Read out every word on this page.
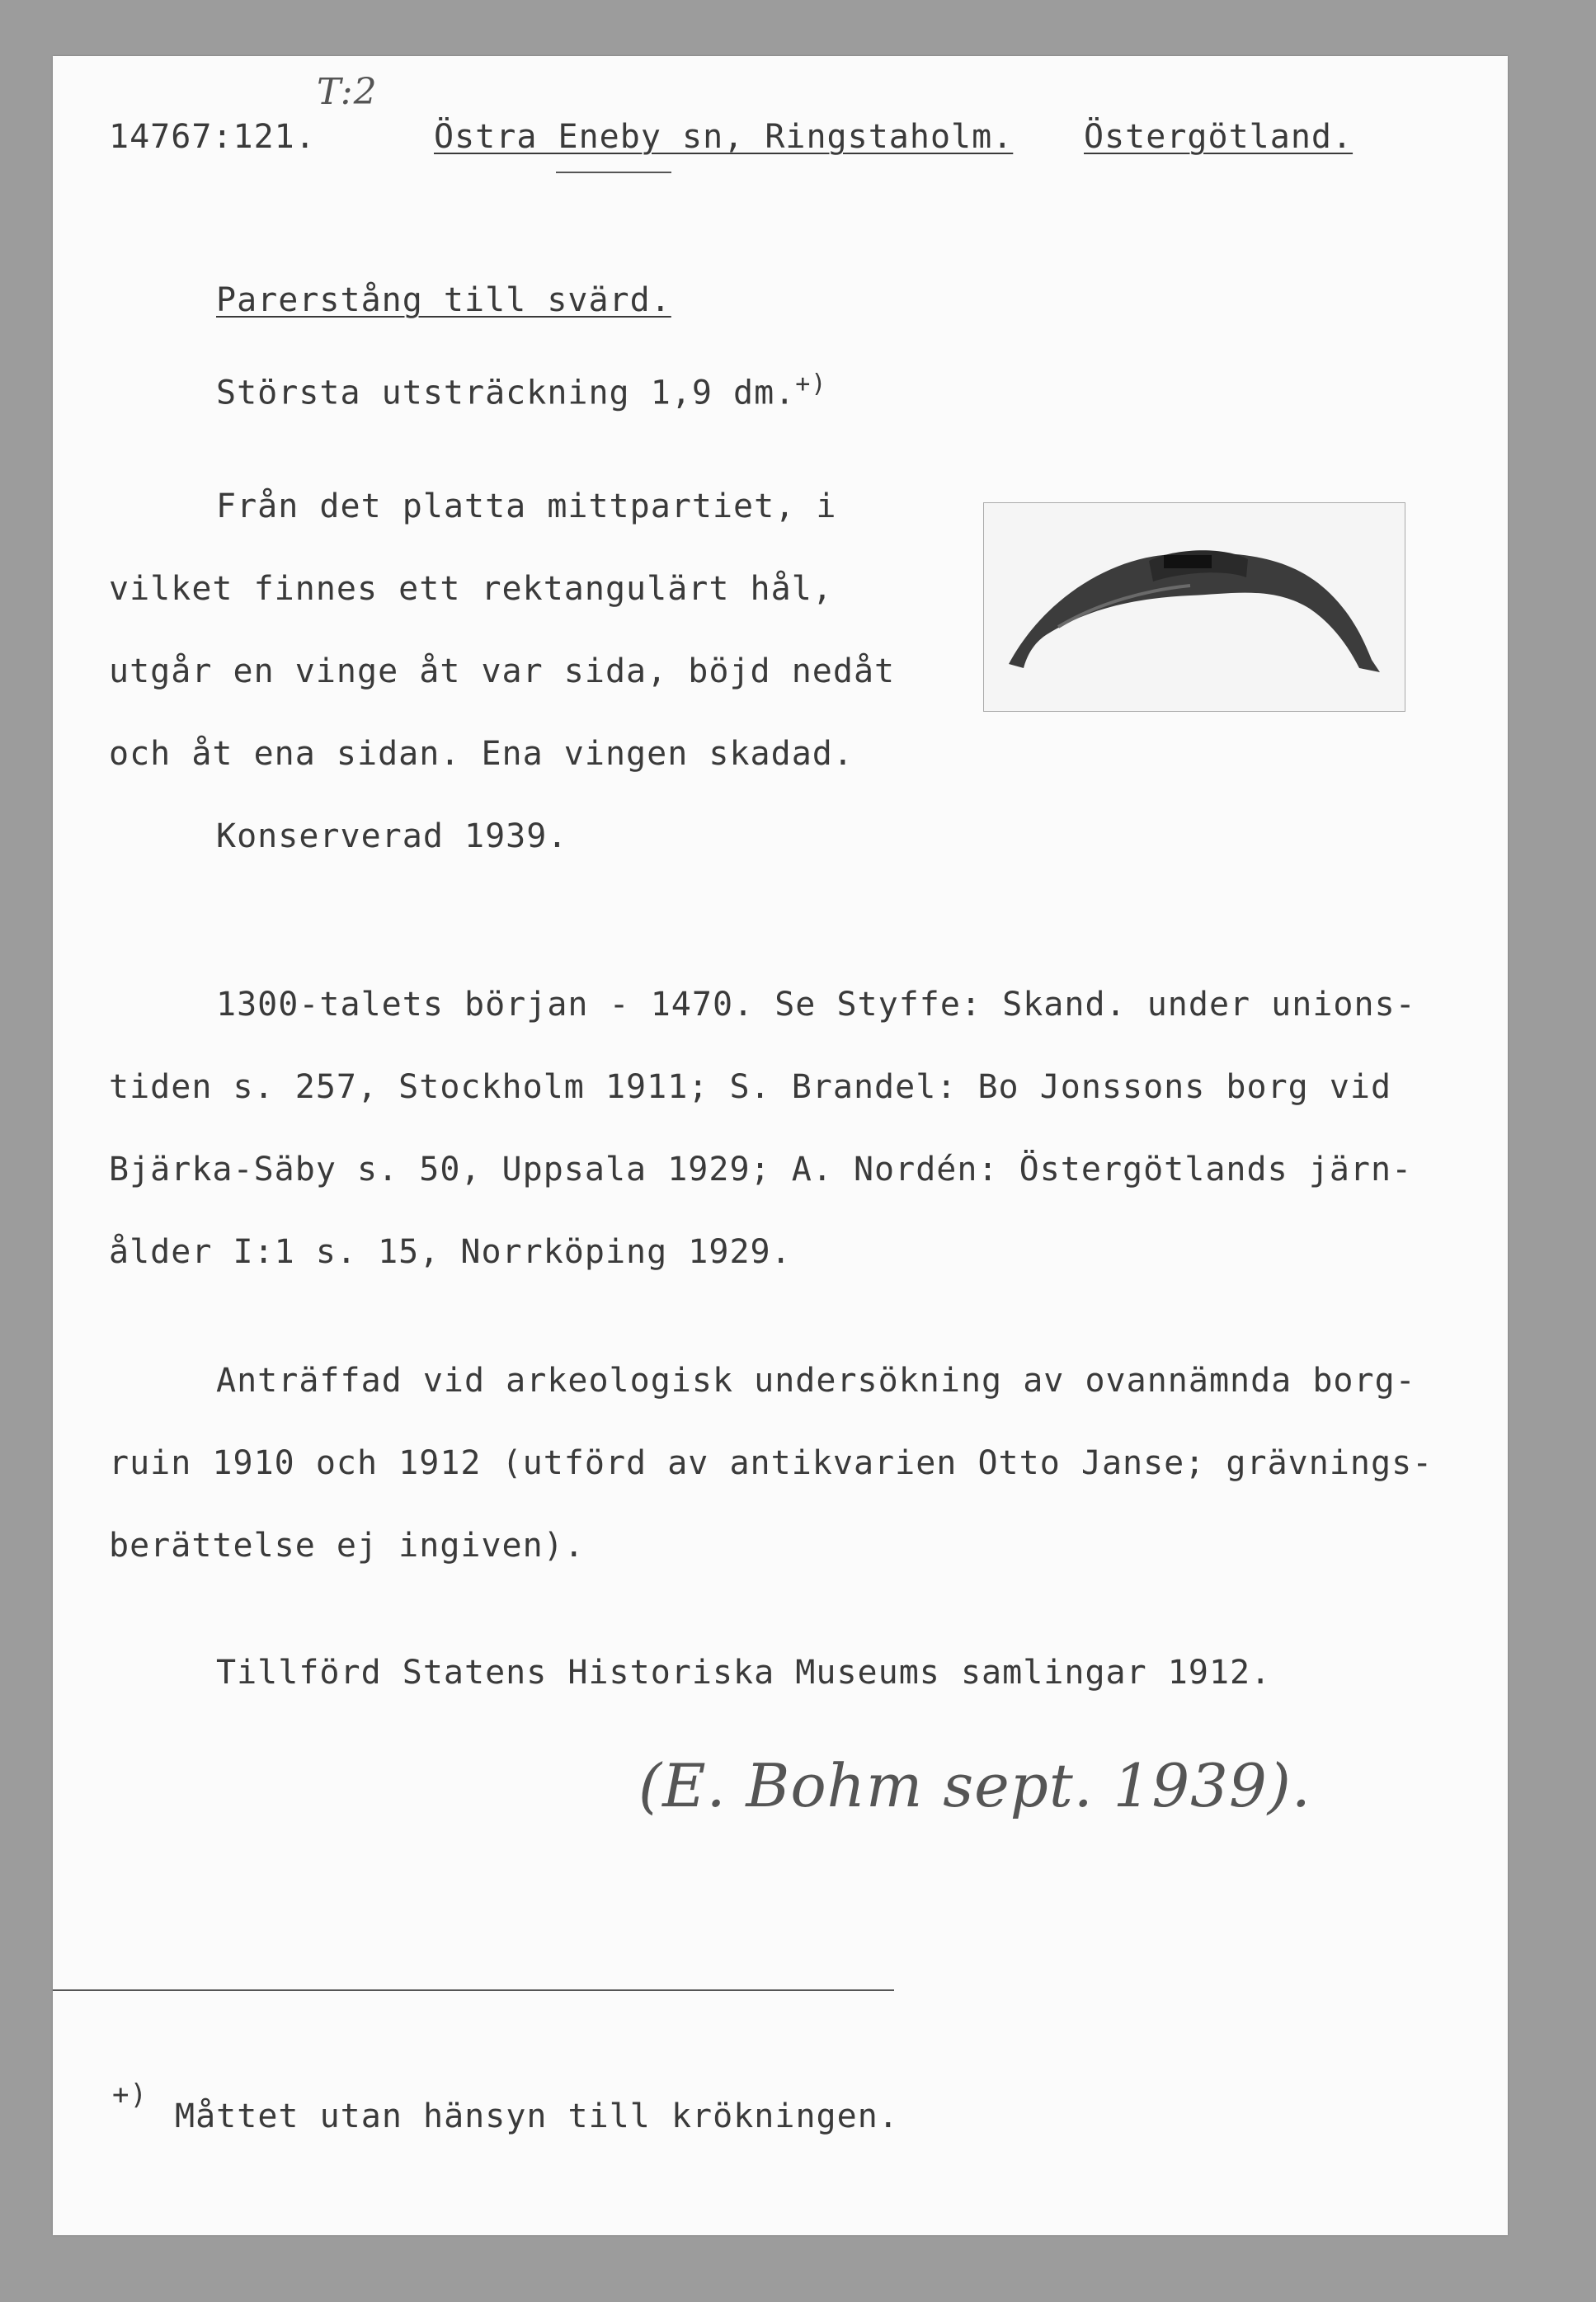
T:2
14767:121.	Östra Eneby sn, Ringstaholm. Östergötland.
Parerstång till svärd.
Största utsträckning 1,9 dm.+)
Från det platta mittpartiet, i
vilket finnes ett rektangulärt hål,
utgår en vinge åt var sida, böjd nedåt
och åt ena sidan. Ena vingen skadad.
Konserverad 1939.
1300-talets början - 1470. Se Styffe: Skand. under unions-
tiden s. 257, Stockholm 1911; S. Brandel: Bo Jonssons borg vid
Bjärka-Säby s. 50, Uppsala 1929; A. Nordén: Östergötlands järn-
ålder I:1 s. 15, Norrköping 1929.
Anträffad vid arkeologisk undersökning av ovannämnda borg-
ruin 1910 och 1912 (utförd av antikvarien Otto Janse; grävnings-
berättelse ej ingiven).
Tillförd Statens Historiska Museums samlingar 1912.
(E. Bohm sept. 1939).
+)
Måttet utan hänsyn till krökningen.
